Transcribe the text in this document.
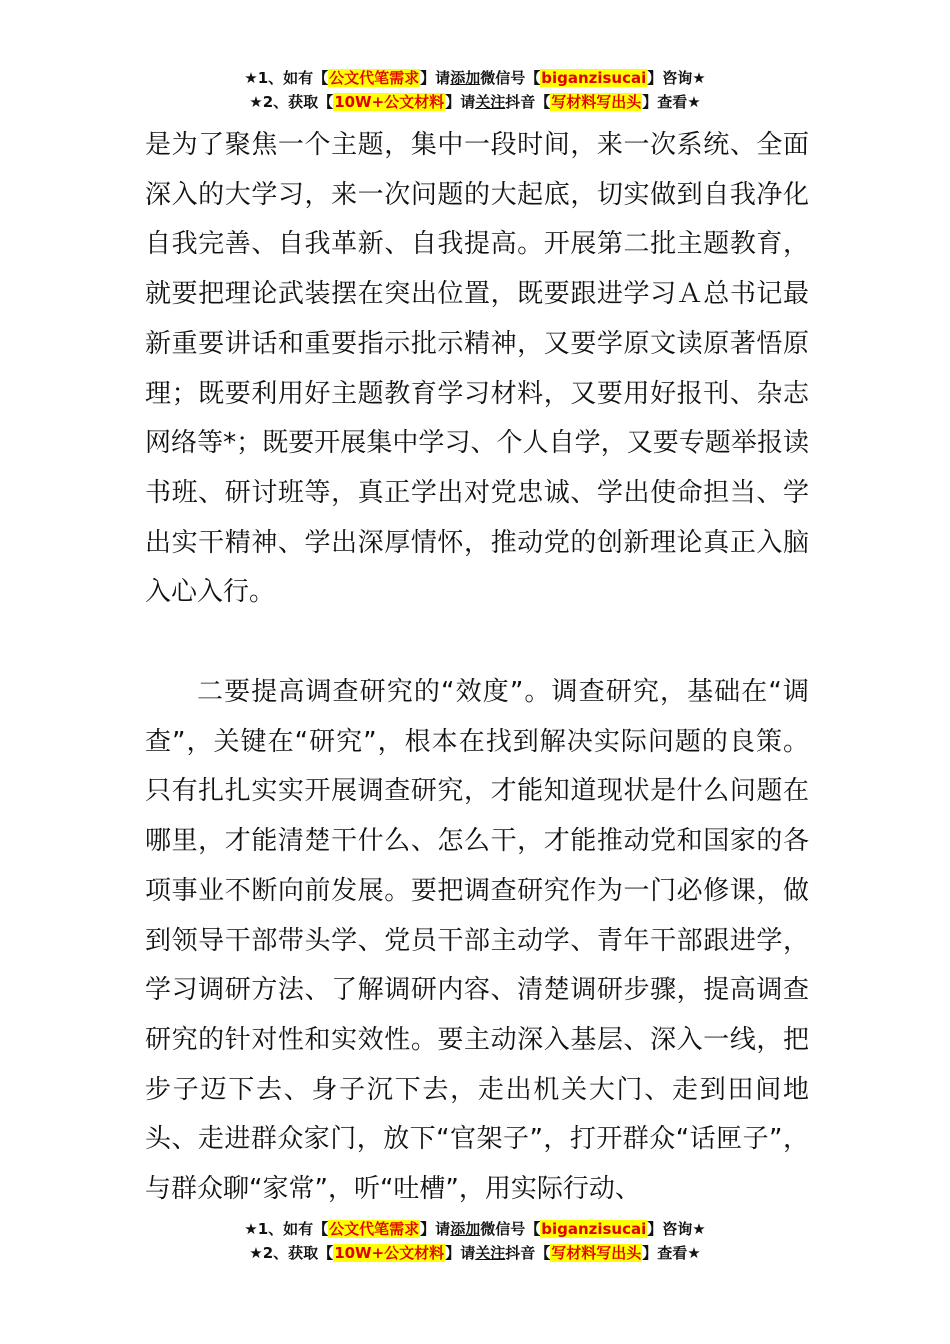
★1、如有【公文代笔需求】请添加微信号【biganzisucai】咨询★
★2、获取【10W+公文材料】请关注抖音【写材料写出头】查看★

是为了聚焦一个主题，集中一段时间，来一次系统、全面深入的大学习，来一次问题的大起底，切实做到自我净化自我完善、自我革新、自我提高。开展第二批主题教育，就要把理论武装摆在突出位置，既要跟进学习Ａ总书记最新重要讲话和重要指示批示精神，又要学原文读原著悟原理；既要利用好主题教育学习材料，又要用好报刊、杂志网络等*；既要开展集中学习、个人自学，又要专题举报读书班、研讨班等，真正学出对党忠诚、学出使命担当、学出实干精神、学出深厚情怀，推动党的创新理论真正入脑入心入行。

二要提高调查研究的“效度”。调查研究，基础在“调查”，关键在“研究”，根本在找到解决实际问题的良策。只有扎扎实实开展调查研究，才能知道现状是什么问题在哪里，才能清楚干什么、怎么干，才能推动党和国家的各项事业不断向前发展。要把调查研究作为一门必修课，做到领导干部带头学、党员干部主动学、青年干部跟进学，学习调研方法、了解调研内容、清楚调研步骤，提高调查研究的针对性和实效性。要主动深入基层、深入一线，把步子迈下去、身子沉下去，走出机关大门、走到田间地头、走进群众家门，放下“官架子”，打开群众“话匣子”，与群众聊“家常”，听“吐槽”，用实际行动、

★1、如有【公文代笔需求】请添加微信号【biganzisucai】咨询★
★2、获取【10W+公文材料】请关注抖音【写材料写出头】查看★
